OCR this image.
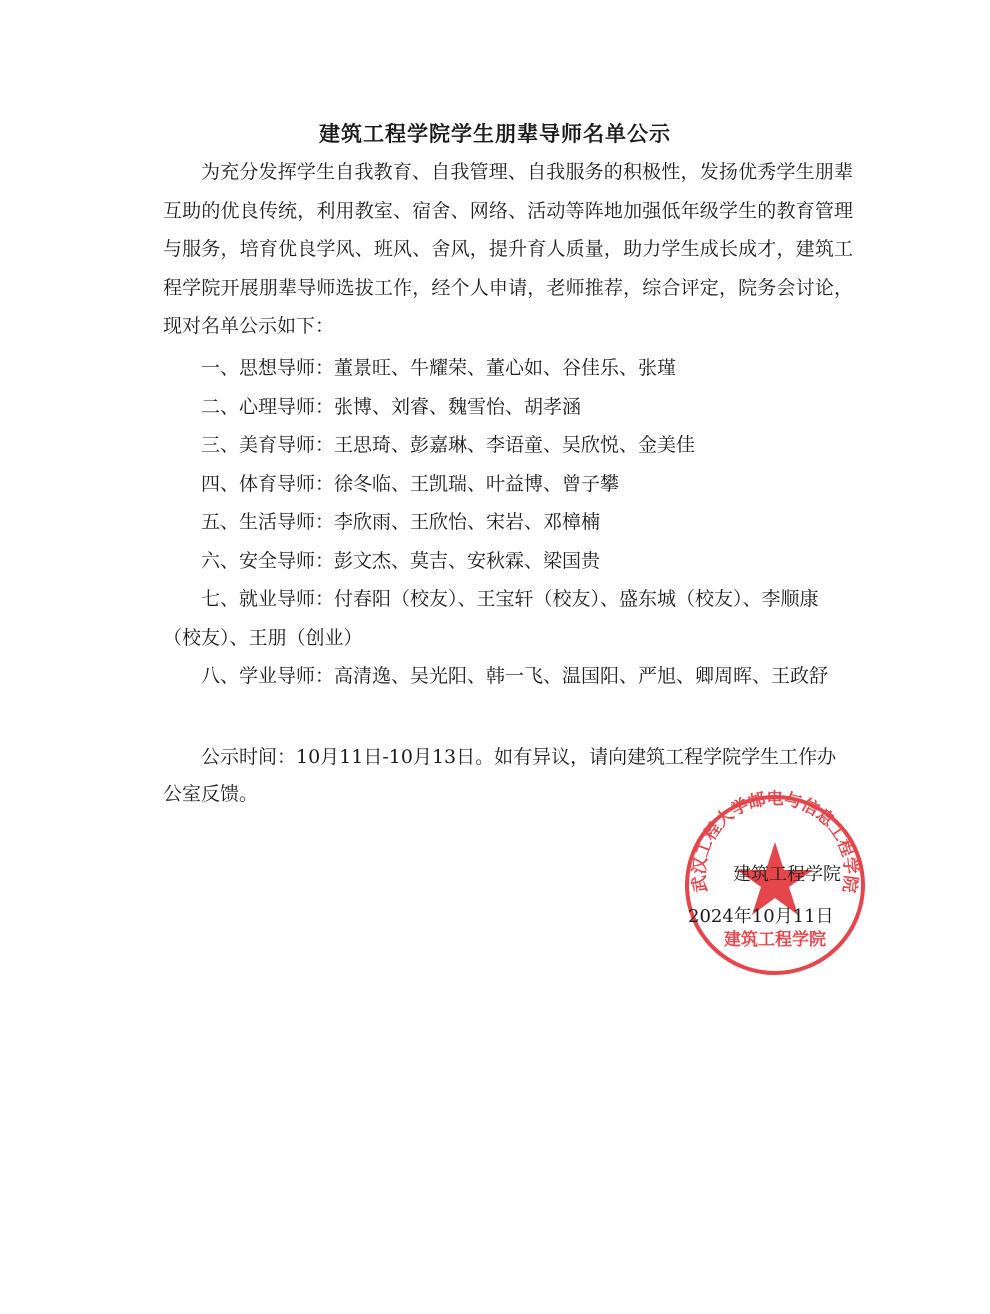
建筑工程学院学生朋辈导师名单公示
为充分发挥学生自我教育、自我管理、自我服务的积极性，发扬优秀学生朋辈互助的优良传统，利用教室、宿舍、网络、活动等阵地加强低年级学生的教育管理与服务，培育优良学风、班风、舍风，提升育人质量，助力学生成长成才，建筑工程学院开展朋辈导师选拔工作，经个人申请，老师推荐，综合评定，院务会讨论，现对名单公示如下：
一、思想导师：董景旺、牛耀荣、董心如、谷佳乐、张瑾
二、心理导师：张博、刘睿、魏雪怡、胡孝涵
三、美育导师：王思琦、彭嘉琳、李语童、吴欣悦、金美佳
四、体育导师：徐冬临、王凯瑞、叶益博、曾子攀
五、生活导师：李欣雨、王欣怡、宋岩、邓樟楠
六、安全导师：彭文杰、莫吉、安秋霖、梁国贵
七、就业导师：付春阳（校友）、王宝轩（校友）、盛东城（校友）、李顺康（校友）、王朋（创业）
八、学业导师：高清逸、吴光阳、韩一飞、温国阳、严旭、卿周晖、王政舒
公示时间：10月11日-10月13日。如有异议，请向建筑工程学院学生工作办公室反馈。
武汉工程大学邮电与信息工程学院
建筑工程学院
建筑工程学院
2024年10月11日
